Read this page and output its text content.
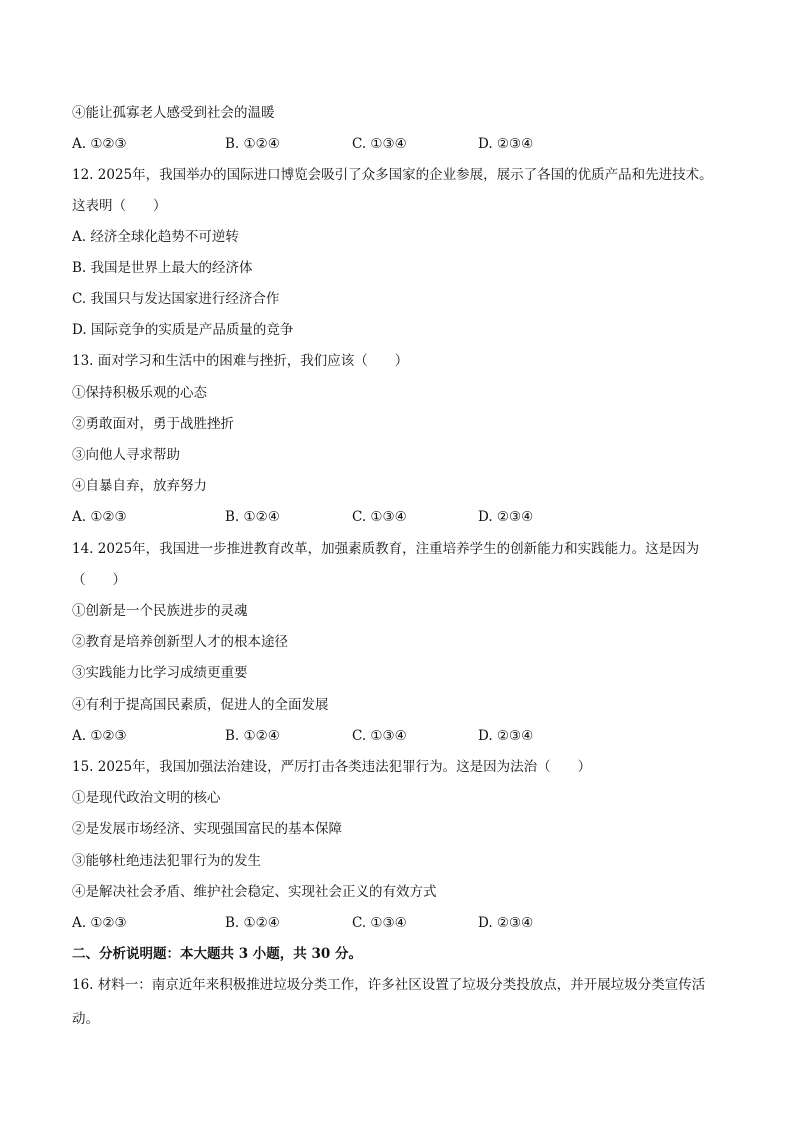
④能让孤寡老人感受到社会的温暖
A. ①②③	B. ①②④	C. ①③④	D. ②③④
12. 2025年，我国举办的国际进口博览会吸引了众多国家的企业参展，展示了各国的优质产品和先进技术。
这表明（　　）
A. 经济全球化趋势不可逆转
B. 我国是世界上最大的经济体
C. 我国只与发达国家进行经济合作
D. 国际竞争的实质是产品质量的竞争
13. 面对学习和生活中的困难与挫折，我们应该（　　）
①保持积极乐观的心态
②勇敢面对，勇于战胜挫折
③向他人寻求帮助
④自暴自弃，放弃努力
A. ①②③	B. ①②④	C. ①③④	D. ②③④
14. 2025年，我国进一步推进教育改革，加强素质教育，注重培养学生的创新能力和实践能力。这是因为
（　　）
①创新是一个民族进步的灵魂
②教育是培养创新型人才的根本途径
③实践能力比学习成绩更重要
④有利于提高国民素质，促进人的全面发展
A. ①②③	B. ①②④	C. ①③④	D. ②③④
15. 2025年，我国加强法治建设，严厉打击各类违法犯罪行为。这是因为法治（　　）
①是现代政治文明的核心
②是发展市场经济、实现强国富民的基本保障
③能够杜绝违法犯罪行为的发生
④是解决社会矛盾、维护社会稳定、实现社会正义的有效方式
A. ①②③	B. ①②④	C. ①③④	D. ②③④
二、分析说明题：本大题共 3 小题，共 30 分。
16. 材料一：南京近年来积极推进垃圾分类工作，许多社区设置了垃圾分类投放点，并开展垃圾分类宣传活
动。
